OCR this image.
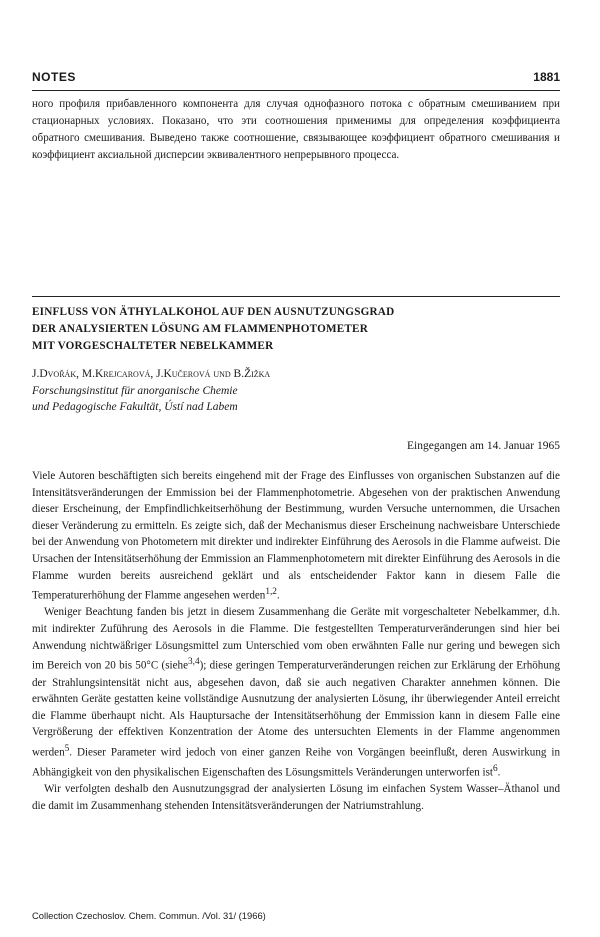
NOTES	1881

ного профиля прибавленного компонента для случая однофазного потока с обратным смешиванием при стационарных условиях. Показано, что эти соотношения применимы для определения коэффициента обратного смешивания. Выведено также соотношение, связывающее коэффициент обратного смешивания и коэффициент аксиальной дисперсии эквивалентного непрерывного процесса.

EINFLUSS VON ÄTHYLALKOHOL AUF DEN AUSNUTZUNGSGRAD
DER ANALYSIERTEN LÖSUNG AM FLAMMENPHOTOMETER
MIT VORGESCHALTETER NEBELKAMMER

J.Dvořák, M.Krejcarová, J.Kučerová und B.Žižka

Forschungsinstitut für anorganische Chemie
und Pedagogische Fakultät, Ústí nad Labem

Eingegangen am 14. Januar 1965

Viele Autoren beschäftigten sich bereits eingehend mit der Frage des Einflusses von organischen Substanzen auf die Intensitätsveränderungen der Emmission bei der Flammenphotometrie. Abgesehen von der praktischen Anwendung dieser Erscheinung, der Empfindlichkeitserhöhung der Bestimmung, wurden Versuche unternommen, die Ursachen dieser Veränderung zu ermitteln. Es zeigte sich, daß der Mechanismus dieser Erscheinung nachweisbare Unterschiede bei der Anwendung von Photometern mit direkter und indirekter Einführung des Aerosols in die Flamme aufweist. Die Ursachen der Intensitätserhöhung der Emmission an Flammenphotometern mit direkter Einführung des Aerosols in die Flamme wurden bereits ausreichend geklärt und als entscheidender Faktor kann in diesem Falle die Temperaturerhöhung der Flamme angesehen werden$^{1,2}$.

Weniger Beachtung fanden bis jetzt in diesem Zusammenhang die Geräte mit vorgeschalteter Nebelkammer, d.h. mit indirekter Zuführung des Aerosols in die Flamme. Die festgestellten Temperaturveränderungen sind hier bei Anwendung nichtwäßriger Lösungsmittel zum Unterschied vom oben erwähnten Falle nur gering und bewegen sich im Bereich von 20 bis 50°C (siehe$^{3,4}$); diese geringen Temperaturveränderungen reichen zur Erklärung der Erhöhung der Strahlungsintensität nicht aus, abgesehen davon, daß sie auch negativen Charakter annehmen können. Die erwähnten Geräte gestatten keine vollständige Ausnutzung der analysierten Lösung, ihr überwiegender Anteil erreicht die Flamme überhaupt nicht. Als Hauptursache der Intensitätserhöhung der Emmission kann in diesem Falle eine Vergrößerung der effektiven Konzentration der Atome des untersuchten Elements in der Flamme angenommen werden$^5$. Dieser Parameter wird jedoch von einer ganzen Reihe von Vorgängen beeinflußt, deren Auswirkung in Abhängigkeit von den physikalischen Eigenschaften des Lösungsmittels Veränderungen unterworfen ist$^6$.

Wir verfolgten deshalb den Ausnutzungsgrad der analysierten Lösung im einfachen System Wasser–Äthanol und die damit im Zusammenhang stehenden Intensitätsveränderungen der Natriumstrahlung.

Collection Czechoslov. Chem. Commun. /Vol. 31/ (1966)
